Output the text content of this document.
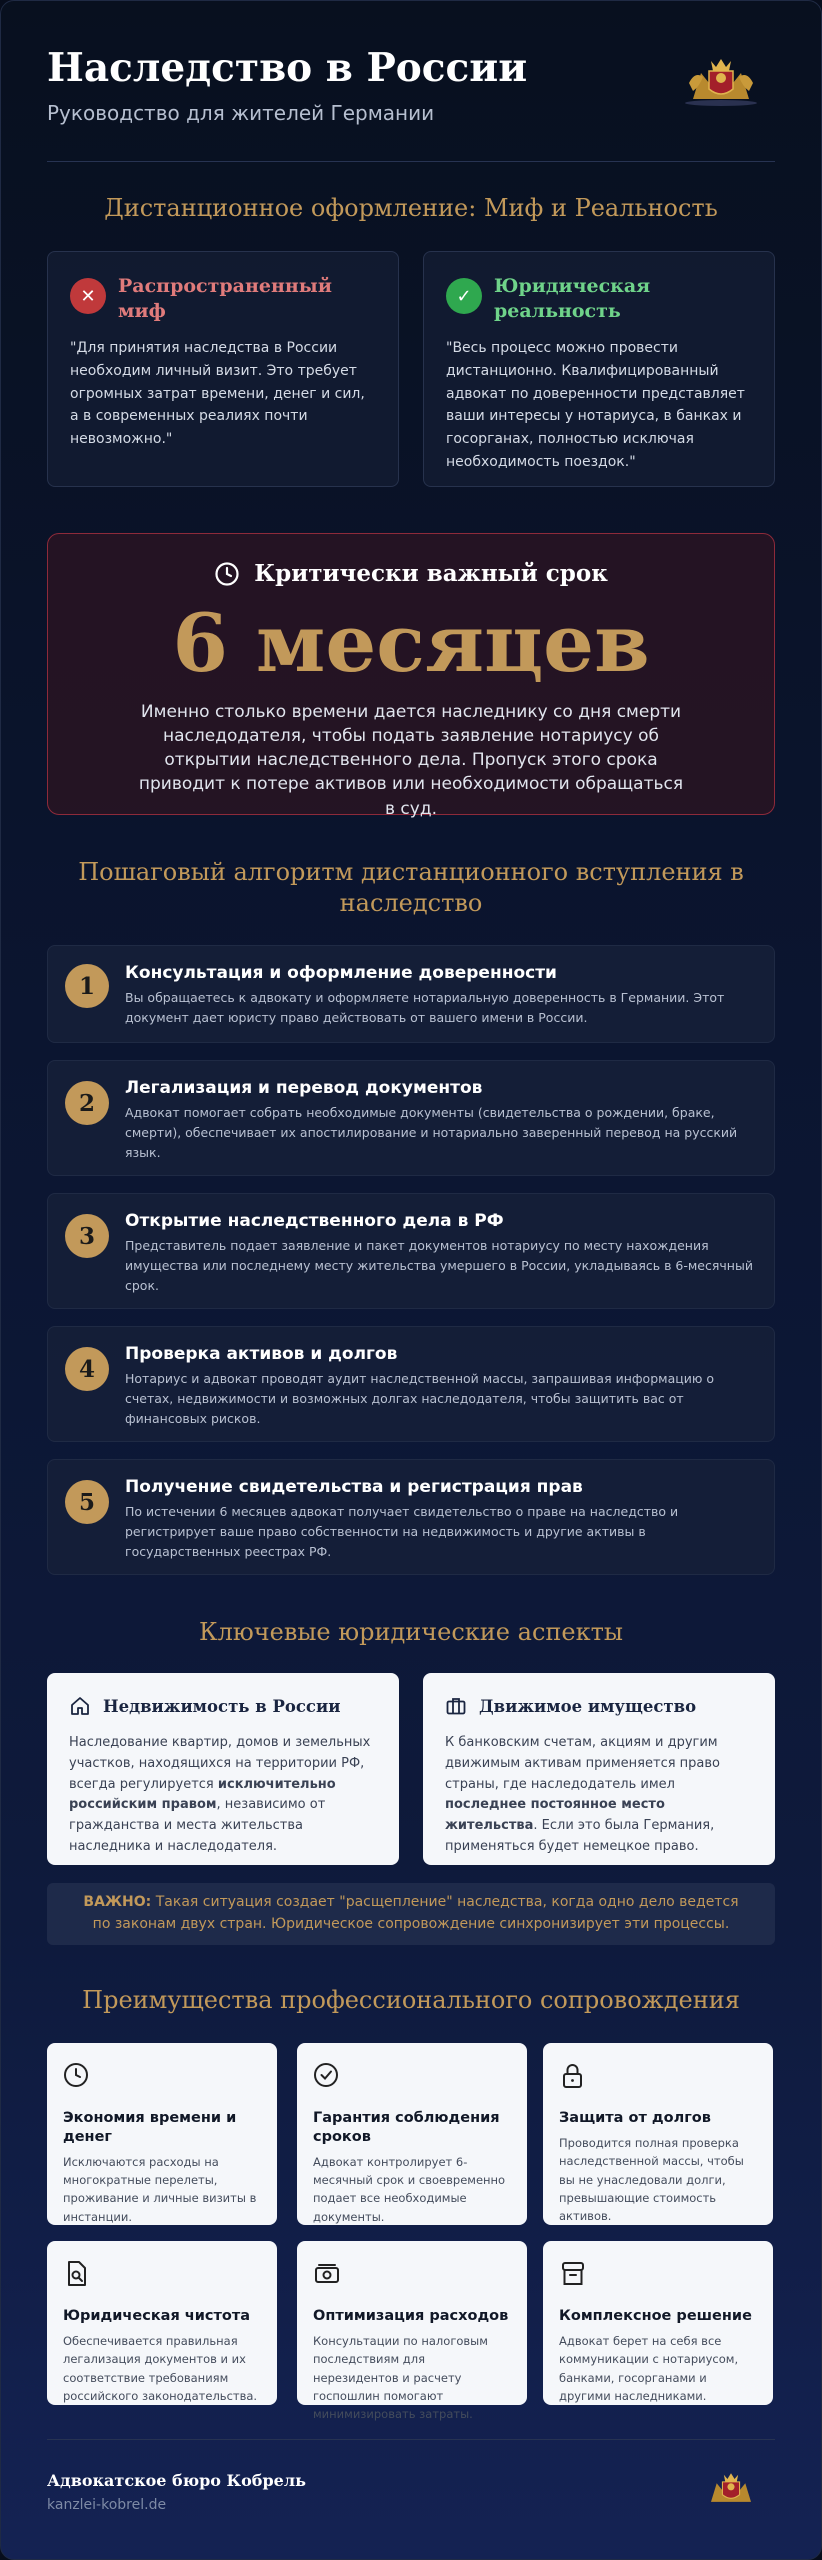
Наследство в России
Руководство для жителей Германии
Дистанционное оформление: Миф и Реальность
✕	Распространенный миф
"Для принятия наследства в России необходим личный визит. Это требует огромных затрат времени, денег и сил, а в современных реалиях почти невозможно."
✓	Юридическая реальность
"Весь процесс можно провести дистанционно. Квалифицированный адвокат по доверенности представляет ваши интересы у нотариуса, в банках и госорганах, полностью исключая необходимость поездок."
Критически важный срок
6 месяцев
Именно столько времени дается наследнику со дня смерти наследодателя, чтобы подать заявление нотариусу об открытии наследственного дела. Пропуск этого срока приводит к потере активов или необходимости обращаться в суд.
Пошаговый алгоритм дистанционного вступления в наследство
1	Консультация и оформление доверенности
Вы обращаетесь к адвокату и оформляете нотариальную доверенность в Германии. Этот документ дает юристу право действовать от вашего имени в России.
2
Легализация и перевод документов
Адвокат помогает собрать необходимые документы (свидетельства о рождении, браке, смерти), обеспечивает их апостилирование и нотариально заверенный перевод на русский язык.
3
Открытие наследственного дела в РФ
Представитель подает заявление и пакет документов нотариусу по месту нахождения имущества или последнему месту жительства умершего в России, укладываясь в 6-месячный срок.
4
Проверка активов и долгов
Нотариус и адвокат проводят аудит наследственной массы, запрашивая информацию о счетах, недвижимости и возможных долгах наследодателя, чтобы защитить вас от финансовых рисков.
5
Получение свидетельства и регистрация прав
По истечении 6 месяцев адвокат получает свидетельство о праве на наследство и регистрирует ваше право собственности на недвижимость и другие активы в государственных реестрах РФ.
Ключевые юридические аспекты
Недвижимость в России
Наследование квартир, домов и земельных участков, находящихся на территории РФ, всегда регулируется исключительно российским правом, независимо от гражданства и места жительства наследника и наследодателя.
Движимое имущество
К банковским счетам, акциям и другим движимым активам применяется право страны, где наследодатель имел последнее постоянное место жительства. Если это была Германия, применяться будет немецкое право.
ВАЖНО: Такая ситуация создает "расщепление" наследства, когда одно дело ведется по законам двух стран. Юридическое сопровождение синхронизирует эти процессы.
Преимущества профессионального сопровождения
Экономия времени и денег
Исключаются расходы на многократные перелеты, проживание и личные визиты в инстанции.
Гарантия соблюдения сроков
Адвокат контролирует 6-месячный срок и своевременно подает все необходимые документы.
Защита от долгов
Проводится полная проверка наследственной массы, чтобы вы не унаследовали долги, превышающие стоимость активов.
Юридическая чистота
Обеспечивается правильная легализация документов и их соответствие требованиям российского законодательства.
Оптимизация расходов
Консультации по налоговым последствиям для нерезидентов и расчету госпошлин помогают минимизировать затраты.
Комплексное решение
Адвокат берет на себя все коммуникации с нотариусом, банками, госорганами и другими наследниками.
Адвокатское бюро Кобрель
kanzlei-kobrel.de
